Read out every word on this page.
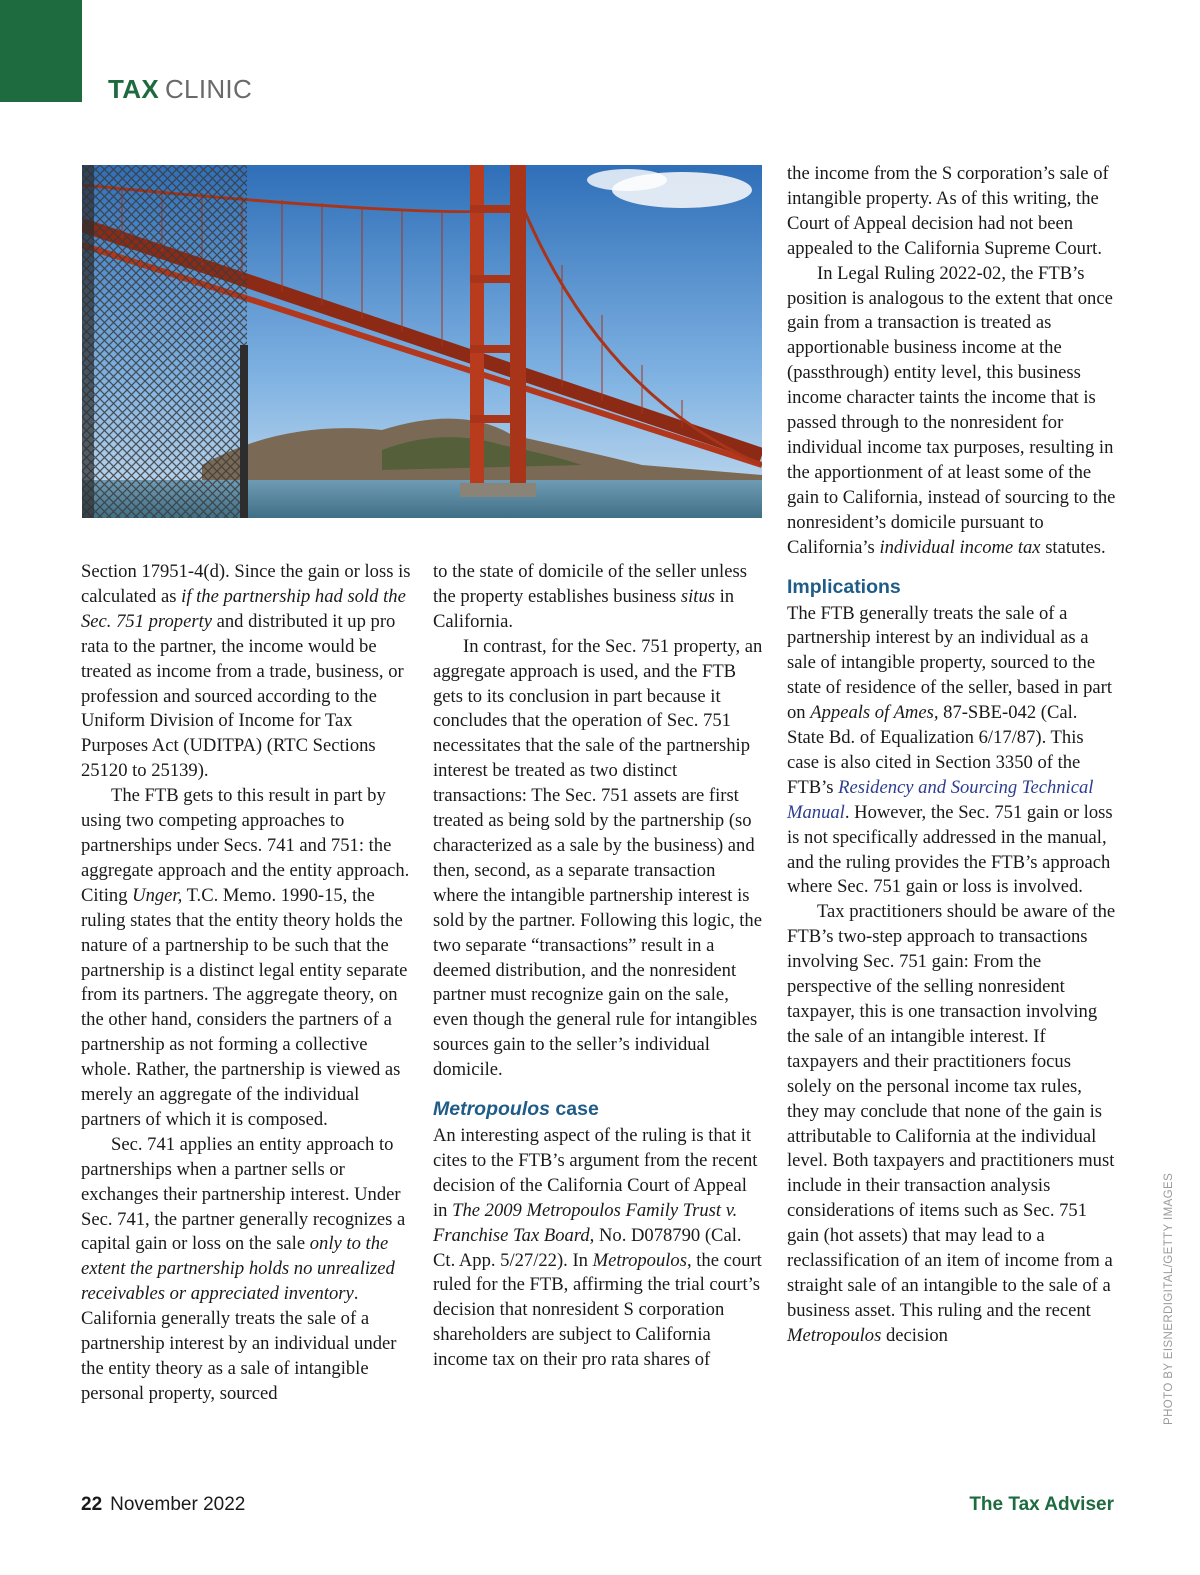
TAX CLINIC

Section 17951-4(d). Since the gain or loss is calculated as if the partnership had sold the Sec. 751 property and distributed it up pro rata to the partner, the income would be treated as income from a trade, business, or profession and sourced according to the Uniform Division of Income for Tax Purposes Act (UDITPA) (RTC Sections 25120 to 25139).

The FTB gets to this result in part by using two competing approaches to partnerships under Secs. 741 and 751: the aggregate approach and the entity approach. Citing Unger, T.C. Memo. 1990-15, the ruling states that the entity theory holds the nature of a partnership to be such that the partnership is a distinct legal entity separate from its partners. The aggregate theory, on the other hand, considers the partners of a partnership as not forming a collective whole. Rather, the partnership is viewed as merely an aggregate of the individual partners of which it is composed.

Sec. 741 applies an entity approach to partnerships when a partner sells or exchanges their partnership interest. Under Sec. 741, the partner generally recognizes a capital gain or loss on the sale only to the extent the partnership holds no unrealized receivables or appreciated inventory. California generally treats the sale of a partnership interest by an individual under the entity theory as a sale of intangible personal property, sourced

to the state of domicile of the seller unless the property establishes business situs in California.

In contrast, for the Sec. 751 property, an aggregate approach is used, and the FTB gets to its conclusion in part because it concludes that the operation of Sec. 751 necessitates that the sale of the partnership interest be treated as two distinct transactions: The Sec. 751 assets are first treated as being sold by the partnership (so characterized as a sale by the business) and then, second, as a separate transaction where the intangible partnership interest is sold by the partner. Following this logic, the two separate “transactions” result in a deemed distribution, and the nonresident partner must recognize gain on the sale, even though the general rule for intangibles sources gain to the seller’s individual domicile.

Metropoulos case

An interesting aspect of the ruling is that it cites to the FTB’s argument from the recent decision of the California Court of Appeal in The 2009 Metropoulos Family Trust v. Franchise Tax Board, No. D078790 (Cal. Ct. App. 5/27/22). In Metropoulos, the court ruled for the FTB, affirming the trial court’s decision that nonresident S corporation shareholders are subject to California income tax on their pro rata shares of

the income from the S corporation’s sale of intangible property. As of this writing, the Court of Appeal decision had not been appealed to the California Supreme Court.

In Legal Ruling 2022-02, the FTB’s position is analogous to the extent that once gain from a transaction is treated as apportionable business income at the (passthrough) entity level, this business income character taints the income that is passed through to the nonresident for individual income tax purposes, resulting in the apportionment of at least some of the gain to California, instead of sourcing to the nonresident’s domicile pursuant to California’s individual income tax statutes.

Implications

The FTB generally treats the sale of a partnership interest by an individual as a sale of intangible property, sourced to the state of residence of the seller, based in part on Appeals of Ames, 87-SBE-042 (Cal. State Bd. of Equalization 6/17/87). This case is also cited in Section 3350 of the FTB’s Residency and Sourcing Technical Manual. However, the Sec. 751 gain or loss is not specifically addressed in the manual, and the ruling provides the FTB’s approach where Sec. 751 gain or loss is involved.

Tax practitioners should be aware of the FTB’s two-step approach to transactions involving Sec. 751 gain: From the perspective of the selling nonresident taxpayer, this is one transaction involving the sale of an intangible interest. If taxpayers and their practitioners focus solely on the personal income tax rules, they may conclude that none of the gain is attributable to California at the individual level. Both taxpayers and practitioners must include in their transaction analysis considerations of items such as Sec. 751 gain (hot assets) that may lead to a reclassification of an item of income from a straight sale of an intangible to the sale of a business asset. This ruling and the recent Metropoulos decision	PHOTO BY EISNERDIGITAL/GETTY IMAGES
22 November 2022	The Tax Adviser
